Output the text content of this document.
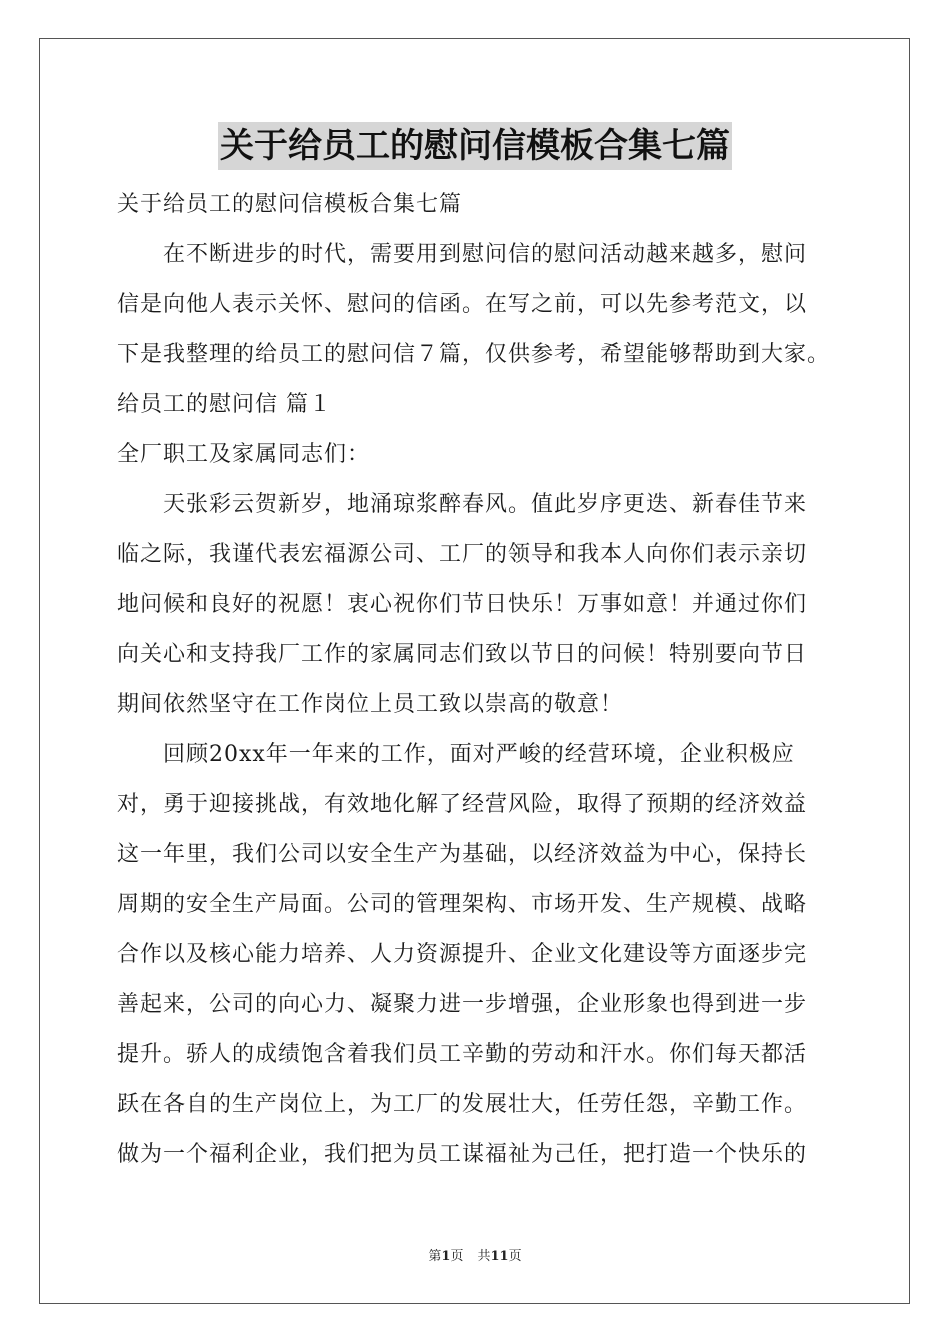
关于给员工的慰问信模板合集七篇
关于给员工的慰问信模板合集七篇
　　在不断进步的时代，需要用到慰问信的慰问活动越来越多，慰问
信是向他人表示关怀、慰问的信函。在写之前，可以先参考范文，以
下是我整理的给员工的慰问信７篇，仅供参考，希望能够帮助到大家。
给员工的慰问信 篇１
全厂职工及家属同志们：
　　天张彩云贺新岁，地涌琼浆醉春风。值此岁序更迭、新春佳节来
临之际，我谨代表宏福源公司、工厂的领导和我本人向你们表示亲切
地问候和良好的祝愿！衷心祝你们节日快乐！万事如意！并通过你们
向关心和支持我厂工作的家属同志们致以节日的问候！特别要向节日
期间依然坚守在工作岗位上员工致以崇高的敬意！
　　回顾20xx年一年来的工作，面对严峻的经营环境，企业积极应
对，勇于迎接挑战，有效地化解了经营风险，取得了预期的经济效益
这一年里，我们公司以安全生产为基础，以经济效益为中心，保持长
周期的安全生产局面。公司的管理架构、市场开发、生产规模、战略
合作以及核心能力培养、人力资源提升、企业文化建设等方面逐步完
善起来，公司的向心力、凝聚力进一步增强，企业形象也得到进一步
提升。骄人的成绩饱含着我们员工辛勤的劳动和汗水。你们每天都活
跃在各自的生产岗位上，为工厂的发展壮大，任劳任怨，辛勤工作。
做为一个福利企业，我们把为员工谋福祉为己任，把打造一个快乐的
第1页 共11页
